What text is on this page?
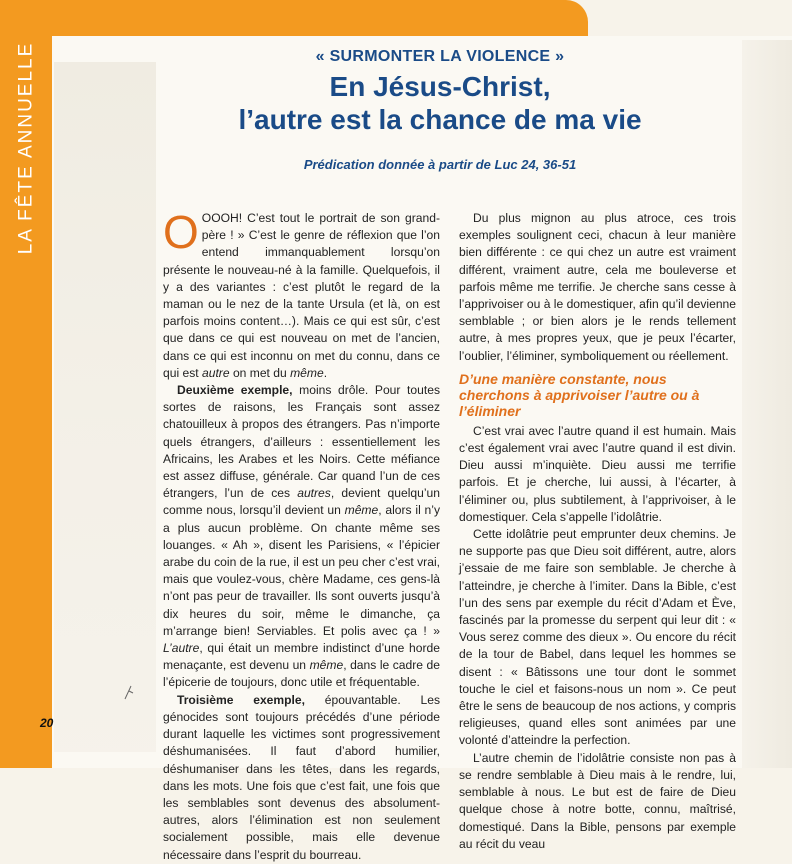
LA FÊTE ANNUELLE	« SURMONTER LA VIOLENCE »
En Jésus-Christ,
l’autre est la chance de ma vie
Prédication donnée à partir de Luc 24, 36-51

OOOOH! C’est tout le portrait de son grand-père ! » C’est le genre de réflexion que l’on entend immanquablement lorsqu’on présente le nouveau-né à la famille. Quelquefois, il y a des variantes : c’est plutôt le regard de la maman ou le nez de la tante Ursula (et là, on est parfois moins content…). Mais ce qui est sûr, c’est que dans ce qui est nouveau on met de l’ancien, dans ce qui est inconnu on met du connu, dans ce qui est autre on met du même.

Deuxième exemple, moins drôle. Pour toutes sortes de raisons, les Français sont assez chatouilleux à propos des étrangers. Pas n’importe quels étrangers, d’ailleurs : essentiellement les Africains, les Arabes et les Noirs. Cette méfiance est assez diffuse, générale. Car quand l’un de ces étrangers, l’un de ces autres, devient quelqu’un comme nous, lorsqu’il devient un même, alors il n’y a plus aucun problème. On chante même ses louanges. « Ah », disent les Parisiens, « l’épicier arabe du coin de la rue, il est un peu cher c’est vrai, mais que voulez-vous, chère Madame, ces gens-là n’ont pas peur de travailler. Ils sont ouverts jusqu’à dix heures du soir, même le dimanche, ça m’arrange bien! Serviables. Et polis avec ça ! » L’autre, qui était un membre indistinct d’une horde menaçante, est devenu un même, dans le cadre de l’épicerie de toujours, donc utile et fréquentable.

Troisième exemple, épouvantable. Les génocides sont toujours précédés d’une période durant laquelle les victimes sont progressivement déshumanisées. Il faut d’abord humilier, déshumaniser dans les têtes, dans les regards, dans les mots. Une fois que c’est fait, une fois que les semblables sont devenus des absolument-autres, alors l’élimination est non seulement socialement possible, mais elle devenue nécessaire dans l’esprit du bourreau.

Du plus mignon au plus atroce, ces trois exemples soulignent ceci, chacun à leur manière bien différente : ce qui chez un autre est vraiment différent, vraiment autre, cela me bouleverse et parfois même me terrifie. Je cherche sans cesse à l’apprivoiser ou à le domestiquer, afin qu’il devienne semblable ; or bien alors je le rends tellement autre, à mes propres yeux, que je peux l’écarter, l’oublier, l’éliminer, symboliquement ou réellement.

D’une manière constante, nous cherchons à apprivoiser l’autre ou à l’éliminer

C’est vrai avec l’autre quand il est humain. Mais c’est également vrai avec l’autre quand il est divin. Dieu aussi m’inquiète. Dieu aussi me terrifie parfois. Et je cherche, lui aussi, à l’écarter, à l’éliminer ou, plus subtilement, à l’apprivoiser, à le domestiquer. Cela s’appelle l’idolâtrie.

Cette idolâtrie peut emprunter deux chemins. Je ne supporte pas que Dieu soit différent, autre, alors j’essaie de me faire son semblable. Je cherche à l’atteindre, je cherche à l’imiter. Dans la Bible, c’est l’un des sens par exemple du récit d’Adam et Ève, fascinés par la promesse du serpent qui leur dit : « Vous serez comme des dieux ». Ou encore du récit de la tour de Babel, dans lequel les hommes se disent : « Bâtissons une tour dont le sommet touche le ciel et faisons-nous un nom ». Ce peut être le sens de beaucoup de nos actions, y compris religieuses, quand elles sont animées par une volonté d’atteindre la perfection.

L’autre chemin de l’idolâtrie consiste non pas à se rendre semblable à Dieu mais à le rendre, lui, semblable à nous. Le but est de faire de Dieu quelque chose à notre botte, connu, maîtrisé, domestiqué. Dans la Bible, pensons par exemple au récit du veau

20
